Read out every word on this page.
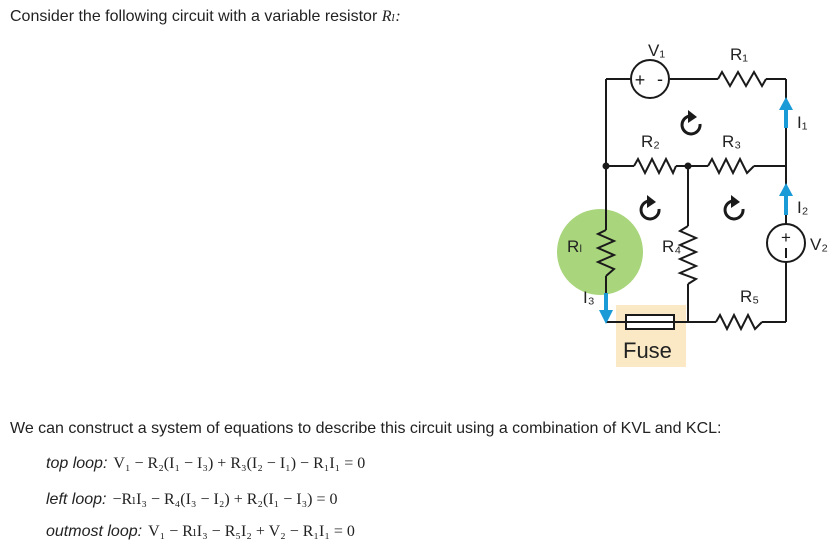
Consider the following circuit with a variable resistor Rₗ:
+ -
+
V₁	R₁
R₂	R₃
R₄
R₅
Rₗ
I₁
I₂
I₃
V₂
Fuse
We can construct a system of equations to describe this circuit using a combination of KVL and KCL:
top loop: V₁ − R₂(I₁ − I₃) + R₃(I₂ − I₁) − R₁I₁ = 0
left loop: −RₗI₃ − R₄(I₃ − I₂) + R₂(I₁ − I₃) = 0
outmost loop: V₁ − RₗI₃ − R₅I₂ + V₂ − R₁I₁ = 0
